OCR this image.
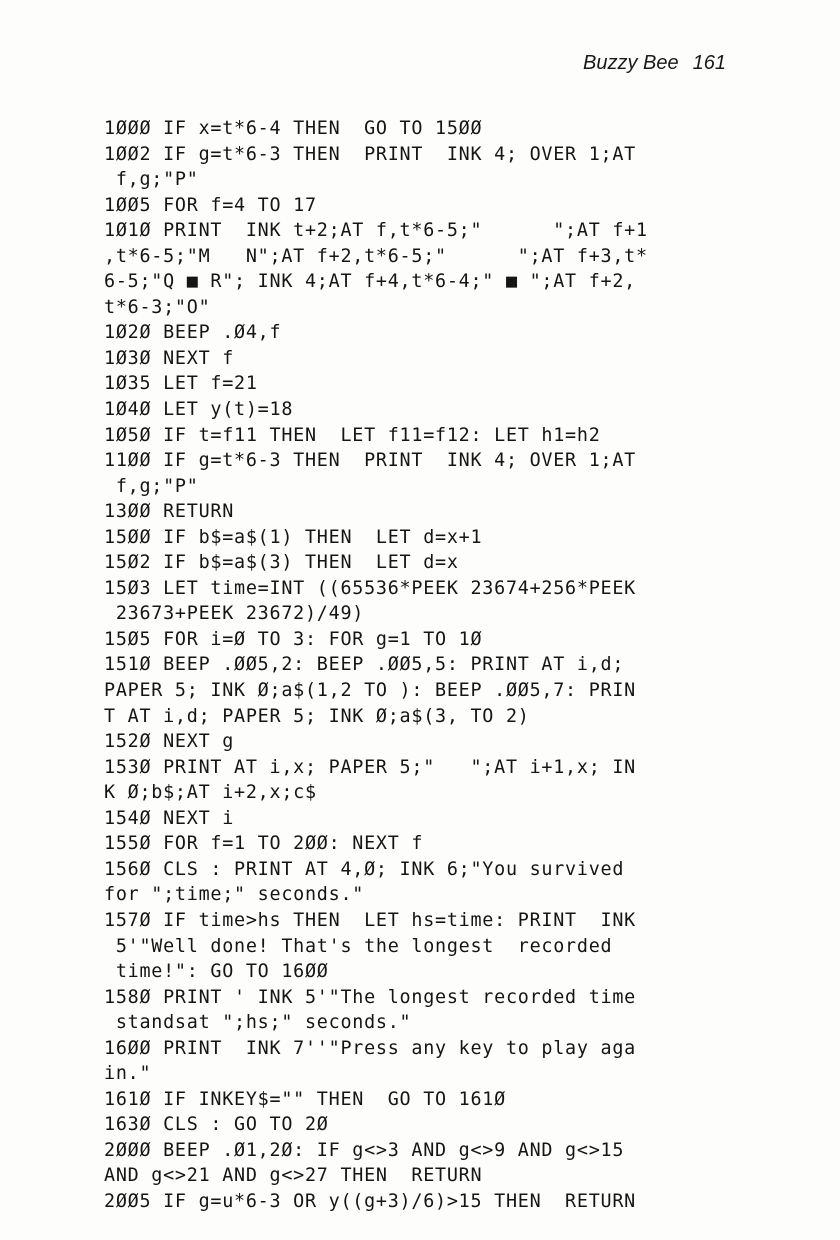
Buzzy Bee 161
1ØØØ IF x=t*6-4 THEN  GO TO 15ØØ
1ØØ2 IF g=t*6-3 THEN  PRINT  INK 4; OVER 1;AT
f,g;"P"
1ØØ5 FOR f=4 TO 17
1Ø1Ø PRINT  INK t+2;AT f,t*6-5;"      ";AT f+1
,t*6-5;"M   N";AT f+2,t*6-5;"      ";AT f+3,t*
6-5;"Q ■ R"; INK 4;AT f+4,t*6-4;" ■ ";AT f+2,
t*6-3;"O"
1Ø2Ø BEEP .Ø4,f
1Ø3Ø NEXT f
1Ø35 LET f=21
1Ø4Ø LET y(t)=18
1Ø5Ø IF t=f11 THEN  LET f11=f12: LET h1=h2
11ØØ IF g=t*6-3 THEN  PRINT  INK 4; OVER 1;AT
f,g;"P"
13ØØ RETURN
15ØØ IF b$=a$(1) THEN  LET d=x+1
15Ø2 IF b$=a$(3) THEN  LET d=x
15Ø3 LET time=INT ((65536*PEEK 23674+256*PEEK
23673+PEEK 23672)/49)
15Ø5 FOR i=Ø TO 3: FOR g=1 TO 1Ø
151Ø BEEP .ØØ5,2: BEEP .ØØ5,5: PRINT AT i,d;
PAPER 5; INK Ø;a$(1,2 TO ): BEEP .ØØ5,7: PRIN
T AT i,d; PAPER 5; INK Ø;a$(3, TO 2)
152Ø NEXT g
153Ø PRINT AT i,x; PAPER 5;"   ";AT i+1,x; IN
K Ø;b$;AT i+2,x;c$
154Ø NEXT i
155Ø FOR f=1 TO 2ØØ: NEXT f
156Ø CLS : PRINT AT 4,Ø; INK 6;"You survived
for ";time;" seconds."
157Ø IF time>hs THEN  LET hs=time: PRINT  INK
5'"Well done! That's the longest  recorded
time!": GO TO 16ØØ
158Ø PRINT ' INK 5'"The longest recorded time
standsat ";hs;" seconds."
16ØØ PRINT  INK 7''"Press any key to play aga
in."
161Ø IF INKEY$="" THEN  GO TO 161Ø
163Ø CLS : GO TO 2Ø
2ØØØ BEEP .Ø1,2Ø: IF g<>3 AND g<>9 AND g<>15
AND g<>21 AND g<>27 THEN  RETURN
2ØØ5 IF g=u*6-3 OR y((g+3)/6)>15 THEN  RETURN
